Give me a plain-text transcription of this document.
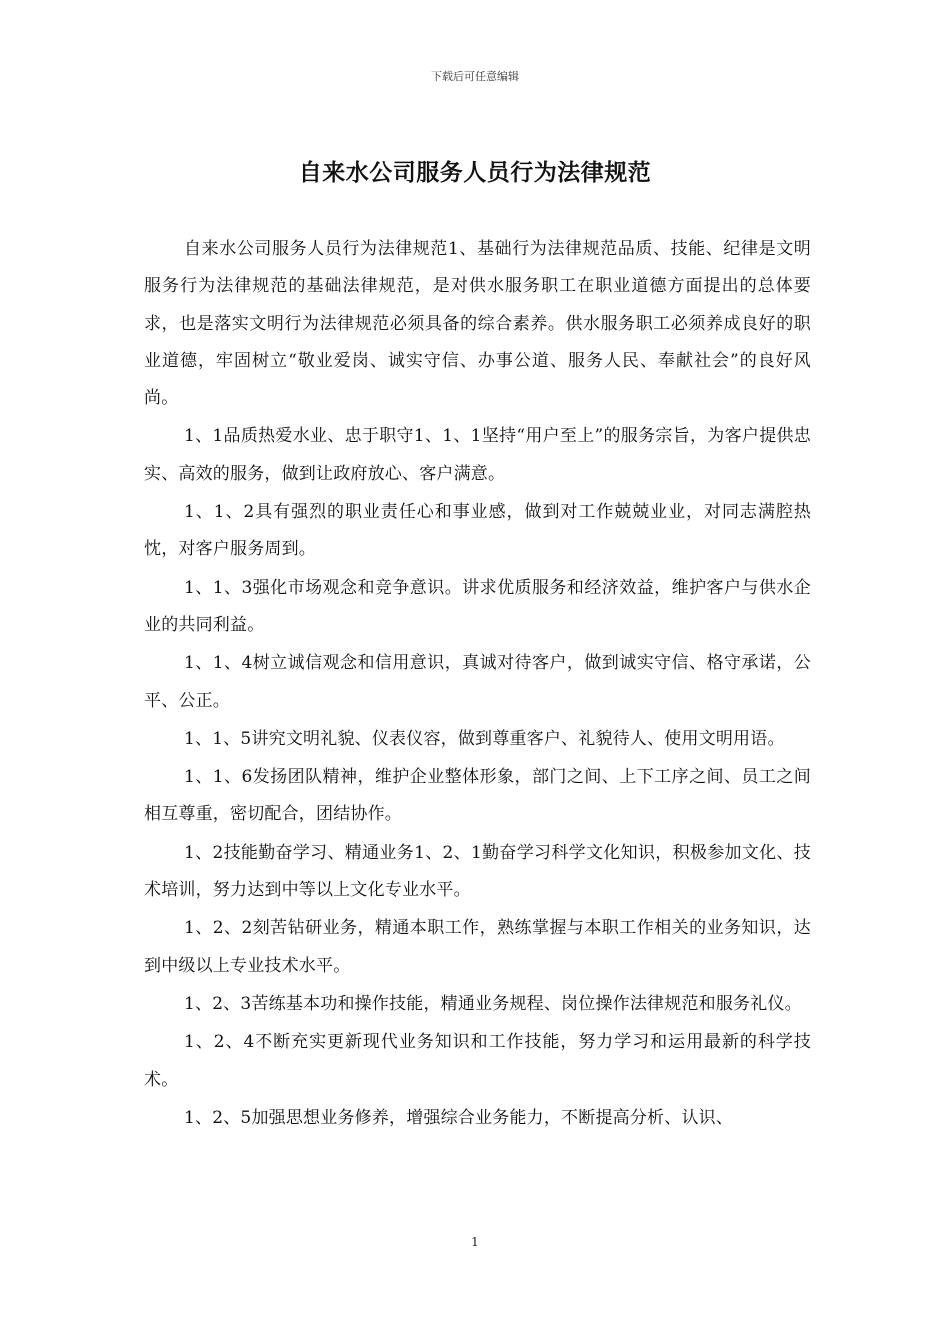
下载后可任意编辑
自来水公司服务人员行为法律规范

自来水公司服务人员行为法律规范1、基础行为法律规范品质、技能、纪律是文明服务行为法律规范的基础法律规范，是对供水服务职工在职业道德方面提出的总体要求，也是落实文明行为法律规范必须具备的综合素养。供水服务职工必须养成良好的职业道德，牢固树立“敬业爱岗、诚实守信、办事公道、服务人民、奉献社会”的良好风尚。

1、1品质热爱水业、忠于职守1、1、1坚持“用户至上”的服务宗旨，为客户提供忠实、高效的服务，做到让政府放心、客户满意。

1、1、2具有强烈的职业责任心和事业感，做到对工作兢兢业业，对同志满腔热忱，对客户服务周到。

1、1、3强化市场观念和竞争意识。讲求优质服务和经济效益，维护客户与供水企业的共同利益。

1、1、4树立诚信观念和信用意识，真诚对待客户，做到诚实守信、格守承诺，公平、公正。

1、1、5讲究文明礼貌、仪表仪容，做到尊重客户、礼貌待人、使用文明用语。

1、1、6发扬团队精神，维护企业整体形象，部门之间、上下工序之间、员工之间相互尊重，密切配合，团结协作。

1、2技能勤奋学习、精通业务1、2、1勤奋学习科学文化知识，积极参加文化、技术培训，努力达到中等以上文化专业水平。

1、2、2刻苦钻研业务，精通本职工作，熟练掌握与本职工作相关的业务知识，达到中级以上专业技术水平。

1、2、3苦练基本功和操作技能，精通业务规程、岗位操作法律规范和服务礼仪。

1、2、4不断充实更新现代业务知识和工作技能，努力学习和运用最新的科学技术。

1、2、5加强思想业务修养，增强综合业务能力，不断提高分析、认识、

1
